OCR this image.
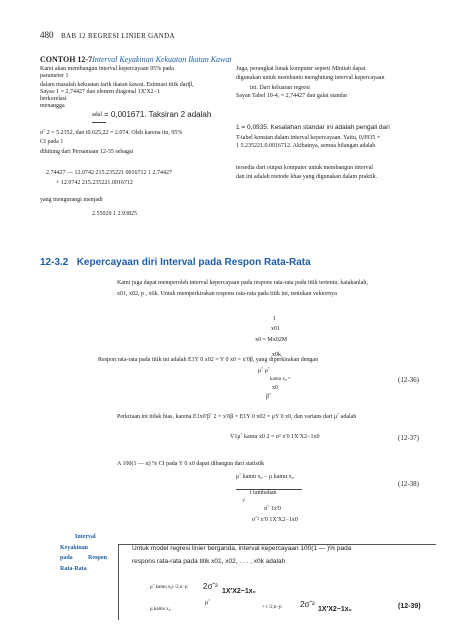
480 BAB 12 REGRESI LINIER GANDA
CONTOH 12-7Interval Keyakinan Kekuatan Ikatan Kawat
Kami akan membangun interval kepercayaan 95% pada
parameter 1
dalam masalah kekuatan tarik ikatan kawat. Estimasi titik dariβ,
Sayao 1 = 2,74427 dan elemen diagonal 1X′X2−1
berkorelasi
menangga
adal = 0,001671. Taksiran 2 adalah
σˆ 2 = 5.2352, dan t0.025,22 = 2.074. Oleh karena itu, 95%
CI pada 1
dihitung dari Persamaan 12-35 sebagai
2.74427 — 12.0742 215.235221 0016712 1 2.74427
+ 12.0742 215.235221.0016712
yang mengurangi menjadi
2.55029 1 2.93825
Juga, perangkat lunak komputer seperti Minitab dapat
digunakan untuk membantu menghitung interval kepercayaan
ini. Dari keluaran regresi
Sayan Tabel 10-4, = 2,74427 dan galat standar
1 = 0,0935. Kesalahan standar ini adalah pengali dari
T-tabel konstan dalam interval kepercayaan. Yaitu, 0,0935 =
1 5.235221.0.0016712. Akibatnya, semua bilangan adalah
tersedia dari output komputer untuk membangun interval
dan ini adalah metode khas yang digunakan dalam praktik.
12-3.2 Kepercayaan diri Interval pada Respon Rata-Rata
Kami juga dapat memperoleh interval kepercayaan pada respons rata-rata pada titik tertentu, katakanlah,
x01, x02, p , x0k. Untuk memperkirakan respons rata-rata pada titik ini, tentukan vektornya
1
x01
x0 = Mx02M
x0k
Respon rata-rata pada titik ini adalah E1Y 0 x02 = Y 0 x0 = x′0β, yang diperkirakan dengan
μˆ μˆ
kamu x₀ =
x0
βˆ
(12-36)
Perkiraan ini tidak bias, karena E1x0′βˆ 2 = x′0β = E1Y 0 x02 = μY 0 x0, dan varians dari μˆ adalah
V1μˆ kamu x0 2 = σ² x′0 1X′X2−1x0	(12-37)
A 100(1 — α) % CI pada Y 0 x0 dapat dibangun dari statistik
μˆ kamu x₀ − μ kamu x₀
t tambahan
√
σˆ 1x′0
σˆ² x′0 1X′X2−1x0
(12-38)
Interval
Keyakinan
pada	Respon
Rata-Rata
Untuk model regresi linier berganda, interval kepercayaan 100(1 — )% pada
respons rata-rata pada titik x01, x02, . . . , x0k adalah
μˆ kamu x₀
− t /2,n−p 2σˆ²
1X′X2−1x₀
μ kamu x₀
μˆ
+ t /2,n−p 2σˆ²
1X′X2−1x₀	(12-39)
